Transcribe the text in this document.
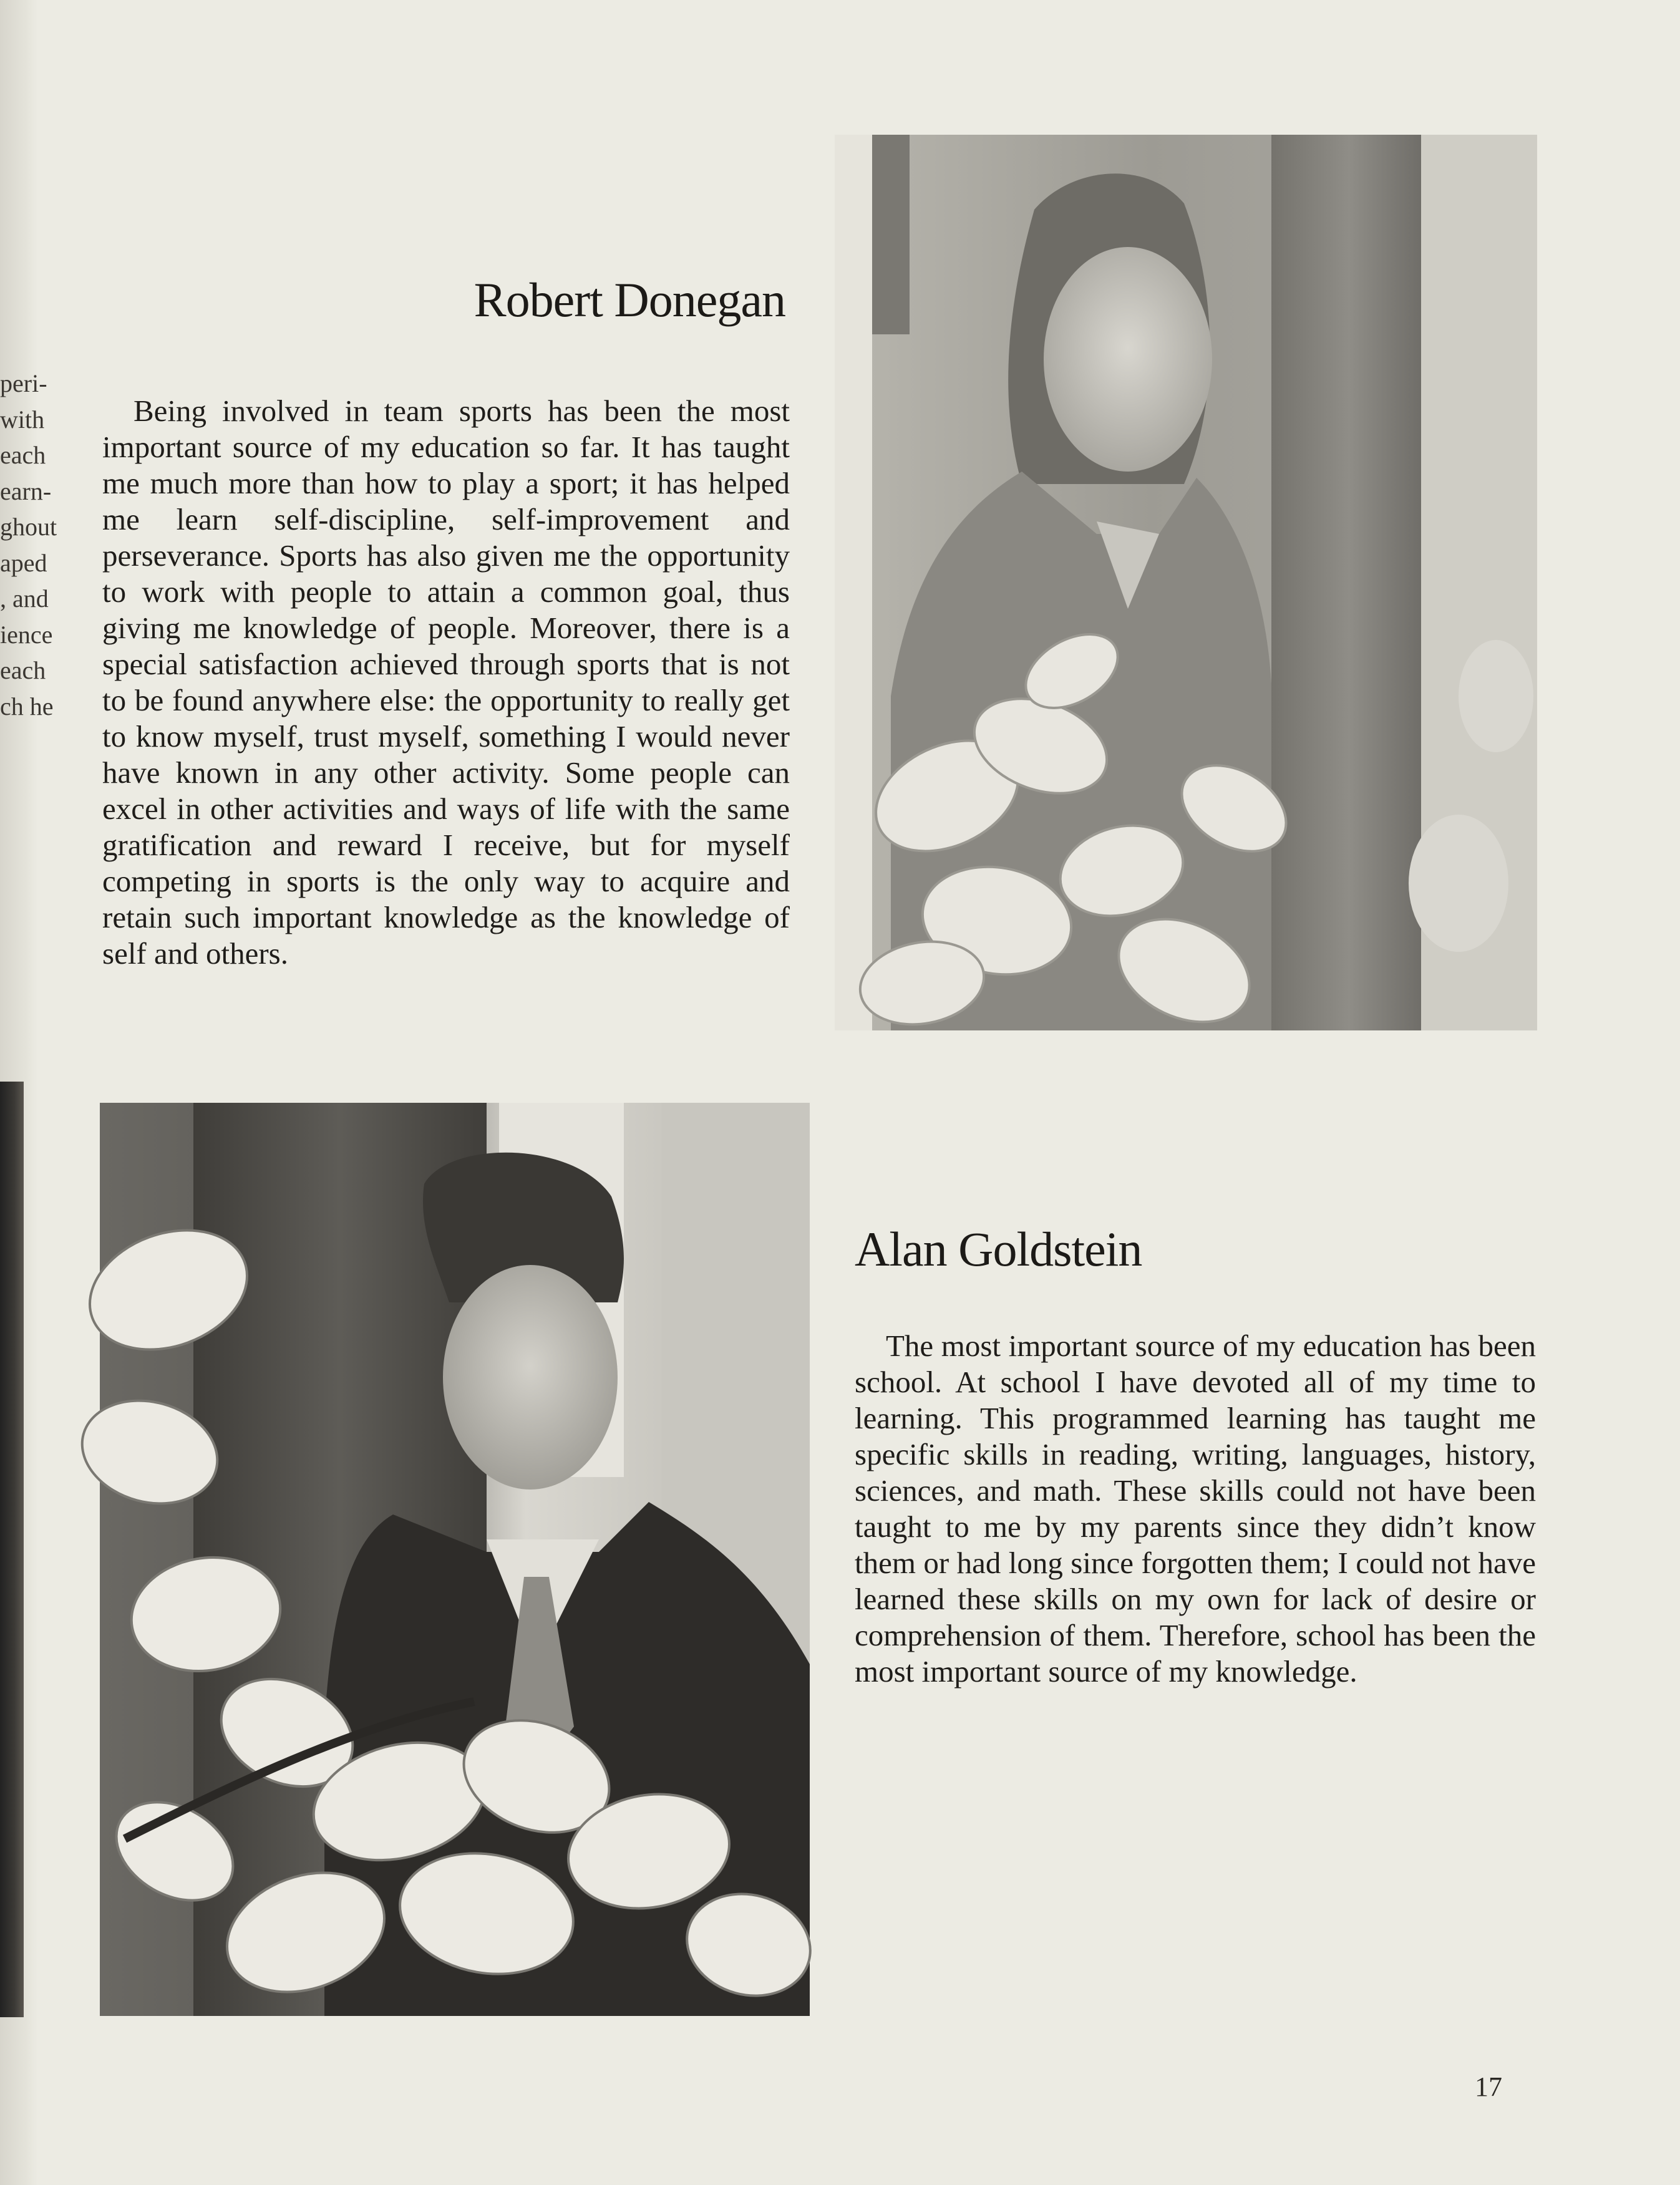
peri-
with
each
earn-
ghout
aped
, and
ience
each
ch he
Robert Donegan

Being involved in team sports has been the most important source of my education so far. It has taught me much more than how to play a sport; it has helped me learn self-discipline, self-improvement and perseverance. Sports has also given me the opportunity to work with people to attain a common goal, thus giving me knowledge of people. Moreover, there is a special satisfaction achieved through sports that is not to be found anywhere else: the opportunity to really get to know myself, trust myself, something I would never have known in any other activity. Some people can excel in other activities and ways of life with the same gratification and reward I receive, but for myself competing in sports is the only way to acquire and retain such important knowledge as the knowledge of self and others.

Alan Goldstein

The most important source of my education has been school. At school I have devoted all of my time to learning. This programmed learning has taught me specific skills in reading, writing, languages, history, sciences, and math. These skills could not have been taught to me by my parents since they didn’t know them or had long since forgotten them; I could not have learned these skills on my own for lack of desire or comprehension of them. Therefore, school has been the most important source of my knowledge.

17
